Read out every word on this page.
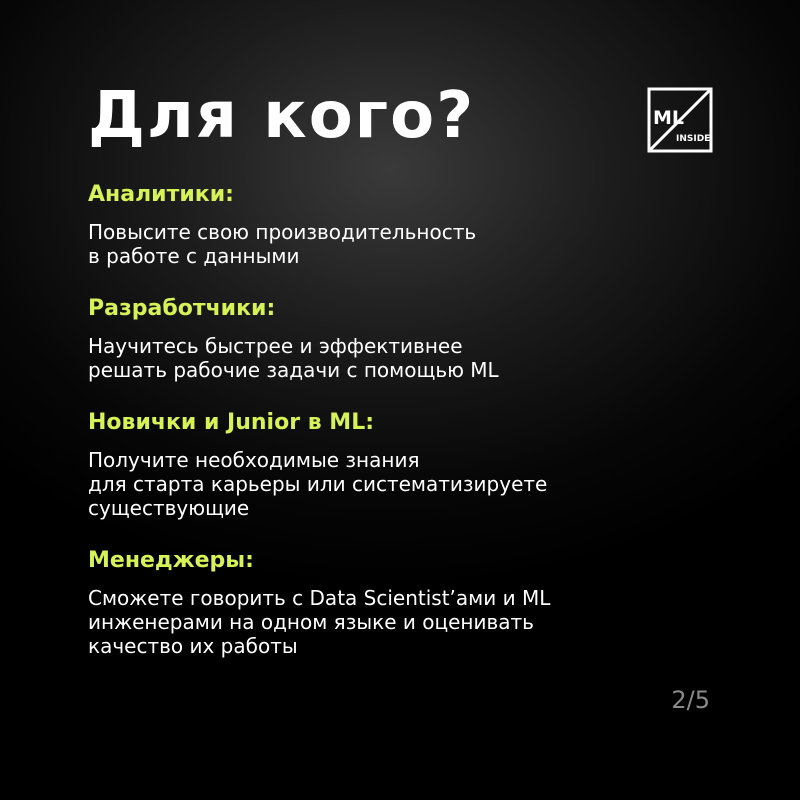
Для кого?	ML
INSIDE
Аналитики:

Повысите свою производительность
в работе с данными

Разработчики:

Научитесь быстрее и эффективнее
решать рабочие задачи с помощью ML

Новички и Junior в ML:

Получите необходимые знания
для старта карьеры или систематизируете
существующие

Менеджеры:

Сможете говорить с Data Scientist’ами и ML
инженерами на одном языке и оценивать
качество их работы

2/5
